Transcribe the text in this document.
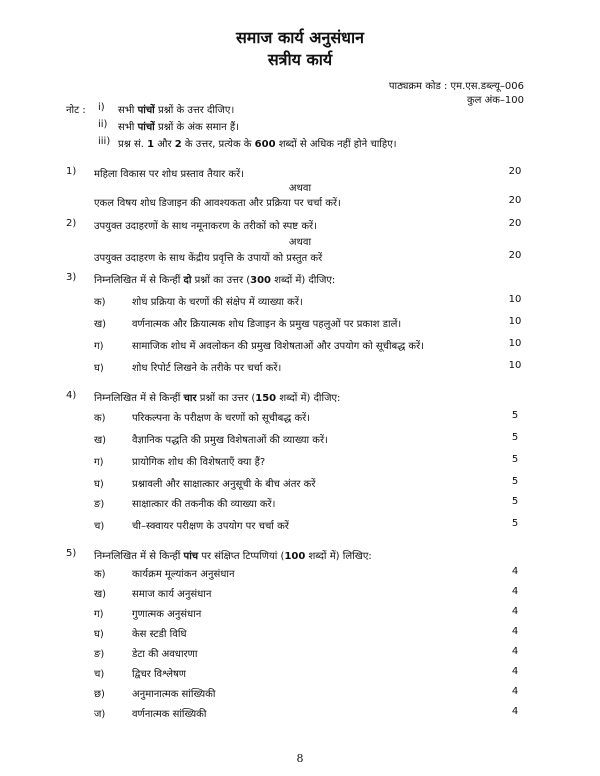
समाज कार्य अनुसंधान
सत्रीय कार्य
पाठ्यक्रम कोड : एम.एस.डब्ल्यू–006
कुल अंक–100
नोट : i) सभी पांचों प्रश्नों के उत्तर दीजिए।
ii) सभी पांचों प्रश्नों के अंक समान हैं।
iii) प्रश्न सं. 1 और 2 के उत्तर, प्रत्येक के 600 शब्दों से अधिक नहीं होने चाहिए।
1) महिला विकास पर शोध प्रस्ताव तैयार करें।	20
अथवा
एकल विषय शोध डिजाइन की आवश्यकता और प्रक्रिया पर चर्चा करें।	20
2) उपयुक्त उदाहरणों के साथ नमूनाकरण के तरीकों को स्पष्ट करें।	20
अथवा
उपयुक्त उदाहरण के साथ केंद्रीय प्रवृत्ति के उपायों को प्रस्तुत करें	20
3) निम्नलिखित में से किन्हीं दो प्रश्नों का उत्तर (300 शब्दों में) दीजिए:
क)	शोध प्रक्रिया के चरणों की संक्षेप में व्याख्या करें।	10
ख)	वर्णनात्मक और क्रियात्मक शोध डिजाइन के प्रमुख पहलुओं पर प्रकाश डालें।	10
ग)	सामाजिक शोध में अवलोकन की प्रमुख विशेषताओं और उपयोग को सूचीबद्ध करें।	10
घ)	शोध रिपोर्ट लिखने के तरीके पर चर्चा करें।	10
4) निम्नलिखित में से किन्हीं चार प्रश्नों का उत्तर (150 शब्दों में) दीजिए:
क)	परिकल्पना के परीक्षण के चरणों को सूचीबद्ध करें।	5
ख)	वैज्ञानिक पद्धति की प्रमुख विशेषताओं की व्याख्या करें।	5
ग)	प्रायोगिक शोध की विशेषताएँ क्या हैं?	5
घ)	प्रश्नावली और साक्षात्कार अनुसूची के बीच अंतर करें	5
ङ)	साक्षात्कार की तकनीक की व्याख्या करें।	5
च)	ची–स्क्वायर परीक्षण के उपयोग पर चर्चा करें	5
5) निम्नलिखित में से किन्हीं पांच पर संक्षिप्त टिप्पणियां (100 शब्दों में) लिखिए:
क)	कार्यक्रम मूल्यांकन अनुसंधान	4
ख)	समाज कार्य अनुसंधान	4
ग)	गुणात्मक अनुसंधान	4
घ)	केस स्टडी विधि	4
ङ)	डेटा की अवधारणा	4
च)	द्विचर विश्लेषण	4
छ)	अनुमानात्मक सांख्यिकी	4
ज)	वर्णनात्मक सांख्यिकी	4
8
